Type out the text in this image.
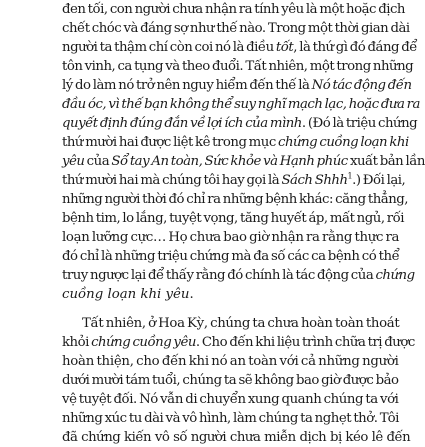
đen tối, con người chưa nhận ra tính yêu là một hoặc địch
chết chóc và đáng sợ như thế nào. Trong một thời gian dài
người ta thậm chí còn coi nó là điều tốt, là thứ gì đó đáng để
tôn vinh, ca tụng và theo đuổi. Tất nhiên, một trong những
lý do làm nó trở nên nguy hiểm đến thế là Nó tác động đến
đầu óc, vì thế bạn không thể suy nghĩ mạch lạc, hoặc đưa ra
quyết định đúng đắn về lợi ích của mình. (Đó là triệu chứng
thứ mười hai được liệt kê trong mục chứng cuồng loạn khi
yêu của Sổ tay An toàn, Sức khỏe và Hạnh phúc xuất bản lần
thứ mười hai mà chúng tôi hay gọi là Sách Shhh$^1$.) Đối lại,
những người thời đó chỉ ra những bệnh khác: căng thẳng,
bệnh tim, lo lắng, tuyệt vọng, tăng huyết áp, mất ngủ, rối
loạn lưỡng cực… Họ chưa bao giờ nhận ra rằng thực ra
đó chỉ là những triệu chứng mà đa số các ca bệnh có thể
truy ngược lại để thấy rằng đó chính là tác động của chứng
cuồng loạn khi yêu.
Tất nhiên, ở Hoa Kỳ, chúng ta chưa hoàn toàn thoát
khỏi chứng cuồng yêu. Cho đến khi liệu trình chữa trị được
hoàn thiện, cho đến khi nó an toàn với cả những người
dưới mười tám tuổi, chúng ta sẽ không bao giờ được bảo
vệ tuyệt đối. Nó vẫn di chuyển xung quanh chúng ta với
những xúc tu dài và vô hình, làm chúng ta nghẹt thở. Tôi
đã chứng kiến vô số người chưa miễn dịch bị kéo lê đến
